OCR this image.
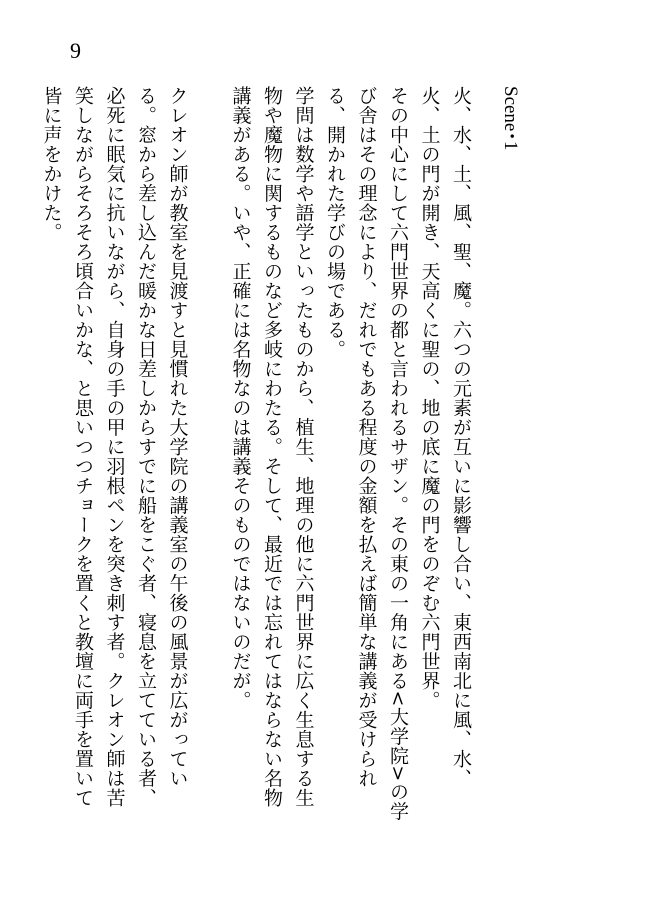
9
Scene･1

火、水、土、風、聖、魔。六つの元素が互いに影響し合い、東西南北に風、水、火、土の門が開き、天高くに聖の、地の底に魔の門をのぞむ六門世界。

その中心にして六門世界の都と言われるサザン。その東の一角にある<大学院>の学び舎はその理念により、だれでもある程度の金額を払えば簡単な講義が受けられる、開かれた学びの場である。

学問は数学や語学といったものから、植生、地理の他に六門世界に広く生息する生物や魔物に関するものなど多岐にわたる。そして、最近では忘れてはならない名物講義がある。いや、正確には名物なのは講義そのものではないのだが。

クレオン師が教室を見渡すと見慣れた大学院の講義室の午後の風景が広がっている。窓から差し込んだ暖かな日差しからすでに船をこぐ者、寝息を立てている者、必死に眠気に抗いながら、自身の手の甲に羽根ペンを突き刺す者。クレオン師は苦笑しながらそろそろ頃合いかな、と思いつつチョークを置くと教壇に両手を置いて皆に声をかけた。
